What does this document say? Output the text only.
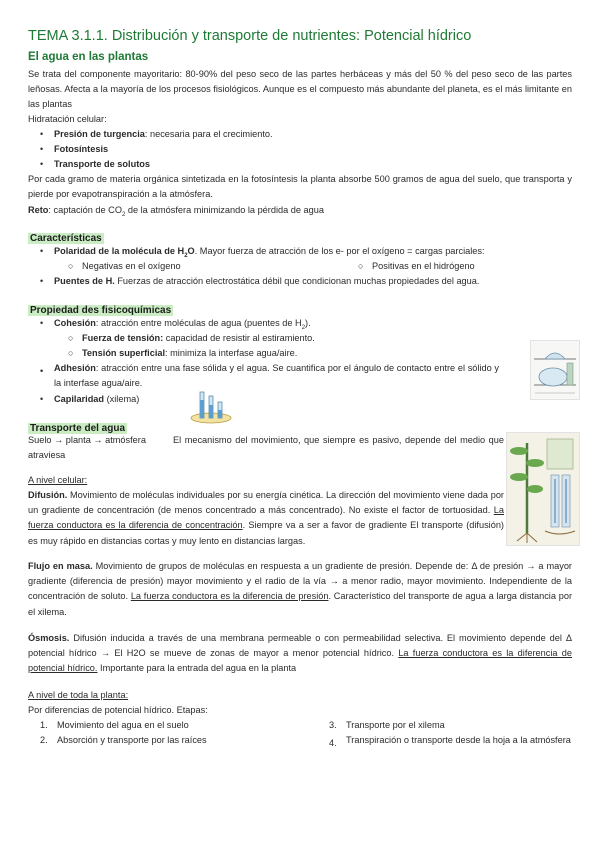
TEMA 3.1.1. Distribución y transporte de nutrientes: Potencial hídrico
El agua en las plantas
Se trata del componente mayoritario: 80-90% del peso seco de las partes herbáceas y más del 50 % del peso seco de las partes leñosas. Afecta a la mayoría de los procesos fisiológicos. Aunque es el compuesto más abundante del planeta, es el más limitante en las plantas
Hidratación celular:
• Presión de turgencia: necesaria para el crecimiento.
• Fotosíntesis
• Transporte de solutos
Por cada gramo de materia orgánica sintetizada en la fotosíntesis la planta absorbe 500 gramos de agua del suelo, que transporta y pierde por evapotranspiración a la atmósfera.
Reto: captación de $CO_2$ de la atmósfera minimizando la pérdida de agua
Características
• Polaridad de la molécula de $H_2O$. Mayor fuerza de atracción de los e- por el oxígeno = cargas parciales:
○ Negativas en el oxígeno	○ Positivas en el hidrógeno
• Puentes de H. Fuerzas de atracción electrostática débil que condicionan muchas propiedades del agua.
Propiedad des fisicoquímicas
• Cohesión: atracción entre moléculas de agua (puentes de $H_2$).
○ Fuerza de tensión: capacidad de resistir al estiramiento.
○ Tensión superficial: minimiza la interfase agua/aire.
•	Adhesión: atracción entre una fase sólida y el agua. Se cuantifica por el ángulo de contacto entre el sólido y la interfase agua/aire.
• Capilaridad (xilema)
Transporte del agua
Suelo → planta → atmósfera	El mecanismo del movimiento, que siempre es pasivo, depende del medio que atraviesa
A nivel celular:
Difusión. Movimiento de moléculas individuales por su energía cinética. La dirección del movimiento viene dada por un gradiente de concentración (de menos concentrado a más concentrado). No existe el factor de tortuosidad. La fuerza conductora es la diferencia de concentración. Siempre va a ser a favor de gradiente El transporte (difusión) es muy rápido en distancias cortas y muy lento en distancias largas.
Flujo en masa. Movimiento de grupos de moléculas en respuesta a un gradiente de presión. Depende de: Δ de presión → a mayor gradiente (diferencia de presión) mayor movimiento y el radio de la vía → a menor radio, mayor movimiento. Independiente de la concentración de soluto. La fuerza conductora es la diferencia de presión. Característico del transporte de agua a larga distancia por el xilema.
Ósmosis. Difusión inducida a través de una membrana permeable o con permeabilidad selectiva. El movimiento depende del Δ potencial hídrico → El H2O se mueve de zonas de mayor a menor potencial hídrico. La fuerza conductora es la diferencia de potencial hídrico. Importante para la entrada del agua en la planta
A nivel de toda la planta:
Por diferencias de potencial hídrico. Etapas:
1. Movimiento del agua en el suelo
2. Absorción y transporte por las raíces
3. Transporte por el xilema
4.	Transpiración o transporte desde la hoja a la atmósfera
